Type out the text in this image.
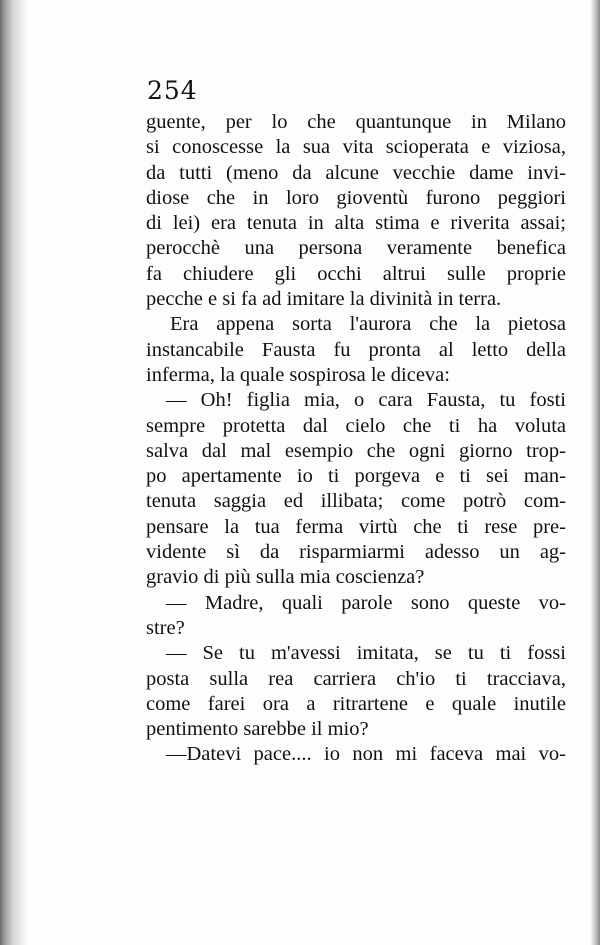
254
guente, per lo che quantunque in Milano
si conoscesse la sua vita scioperata e viziosa,
da tutti (meno da alcune vecchie dame invi-
diose che in loro gioventù furono peggiori
di lei) era tenuta in alta stima e riverita assai;
perocchè una persona veramente benefica
fa chiudere gli occhi altrui sulle proprie
pecche e si fa ad imitare la divinità in terra.
Era appena sorta l'aurora che la pietosa
instancabile Fausta fu pronta al letto della
inferma, la quale sospirosa le diceva:
— Oh! figlia mia, o cara Fausta, tu fosti
sempre protetta dal cielo che ti ha voluta
salva dal mal esempio che ogni giorno trop-
po apertamente io ti porgeva e ti sei man-
tenuta saggia ed illibata; come potrò com-
pensare la tua ferma virtù che ti rese pre-
vidente sì da risparmiarmi adesso un ag-
gravio di più sulla mia coscienza?
— Madre, quali parole sono queste vo-
stre?
— Se tu m'avessi imitata, se tu ti fossi
posta sulla rea carriera ch'io ti tracciava,
come farei ora a ritrartene e quale inutile
pentimento sarebbe il mio?
—Datevi pace.... io non mi faceva mai vo-
